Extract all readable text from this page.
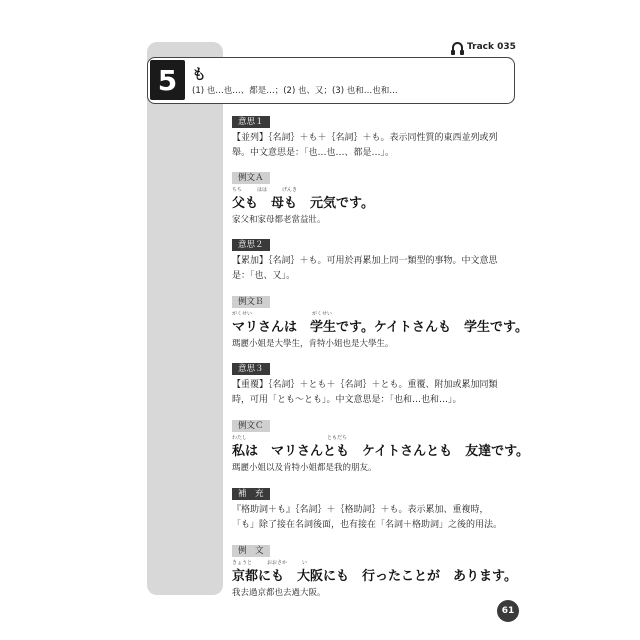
Track 035
5	も
(1) 也…也…、都是…；(2) 也、又；(3) 也和…也和…
意思１
【並列】｛名詞｝＋も＋｛名詞｝＋も。表示同性質的東西並列或列
舉。中文意思是：「也…也…、都是…」。
例文Ａ
ちち　　　はは　　　げんき
父も　母も　元気です。
家父和家母都老當益壯。
意思２
【累加】｛名詞｝＋も。可用於再累加上同一類型的事物。中文意思
是：「也、又」。
例文Ｂ
がくせい　　　　　　　　　　　　がくせい
マリさんは　学生です。ケイトさんも　学生です。
瑪麗小姐是大學生，肯特小姐也是大學生。
意思３
【重覆】｛名詞｝＋とも＋｛名詞｝＋とも。重覆、附加或累加同類
時，可用「とも～とも」。中文意思是：「也和…也和…」。
例文Ｃ
わたし　　　　　　　　　　　　　　　　ともだち
私は　マリさんとも　ケイトさんとも　友達です。
瑪麗小姐以及肯特小姐都是我的朋友。
補　充
『格助詞＋も』｛名詞｝＋｛格助詞｝＋も。表示累加、重複時，
「も」除了接在名詞後面，也有接在「名詞＋格助詞」之後的用法。
例　文
きょうと　　　おおさか　　　い
京都にも　大阪にも　行ったことが　あります。
我去過京都也去過大阪。
61
